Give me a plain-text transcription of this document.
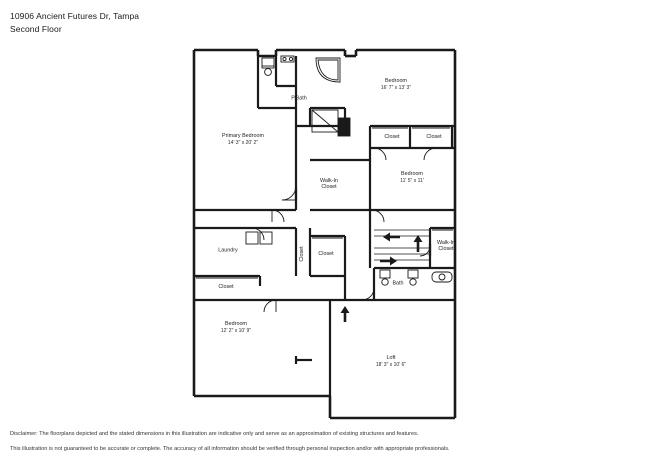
10906 Ancient Futures Dr, Tampa
Second Floor
Primary Bedroom
14' 3" x 20' 2"
Bedroom
16' 7" x 13' 3"
Bedroom
11' 5" x 11'
Bedroom
12' 2" x 10' 9"
Loft
18' 3" x 10' 6"
Walk-In Closet
Walk-In Closet
Laundry
P.Bath
Bath
Closet	Closet
Closet
Closet
Closet
Disclaimer: The floorplans depicted and the stated dimensions in this illustration are indicative only and serve as an approximation of existing structures and features.
This illustration is not guaranteed to be accurate or complete. The accuracy of all information should be verified through personal inspection and/or with appropriate professionals.
